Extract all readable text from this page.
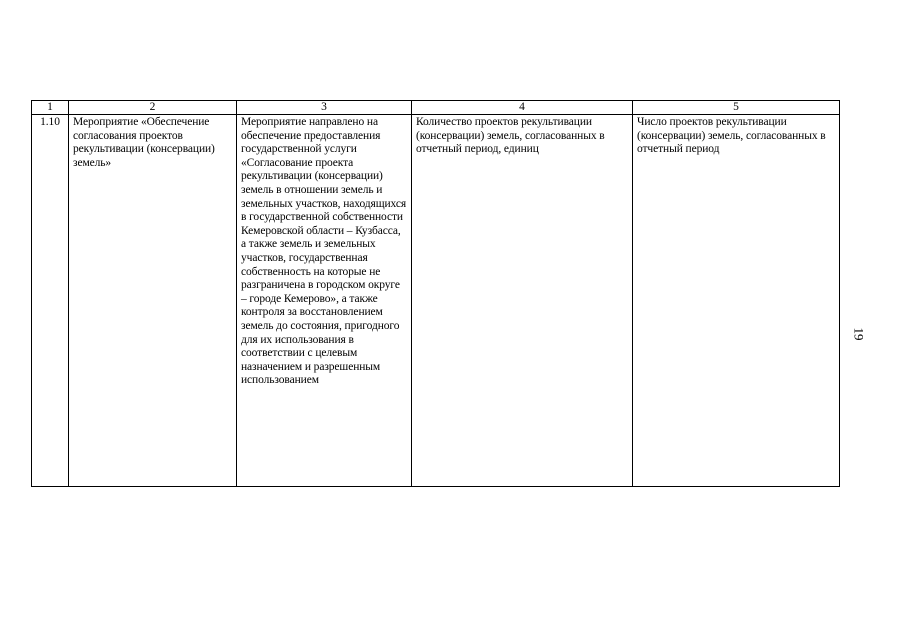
1	2	3	4	5
1.10	Мероприятие «Обеспечение согласования проектов рекультивации (консервации) земель»	Мероприятие направлено на обеспечение предоставления государственной услуги «Согласование проекта рекультивации (консервации) земель в отношении земель и земельных участков, находящихся в государственной собственности Кемеровской области – Кузбасса, а также земель и земельных участков, государственная собственность на которые не разграничена в городском округе – городе Кемерово», а также контроля за восстановлением земель до состояния, пригодного для их использования в соответствии с целевым назначением и разрешенным использованием	Количество проектов рекультивации (консервации) земель, согласованных в отчетный период, единиц	Число проектов рекультивации (консервации) земель, согласованных в отчетный период
19
